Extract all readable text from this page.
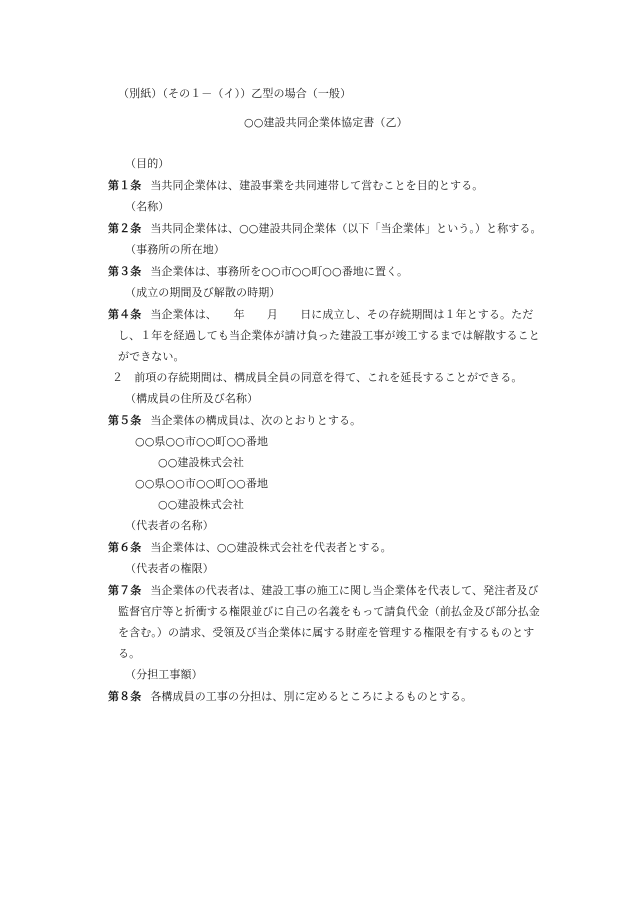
（別紙）（その１－（イ））乙型の場合（一般）
○○建設共同企業体協定書（乙）
（目的）
第１条 当共同企業体は、建設事業を共同連帯して営むことを目的とする。
（名称）
第２条 当共同企業体は、○○建設共同企業体（以下「当企業体」という。）と称する。
（事務所の所在地）
第３条 当企業体は、事務所を○○市○○町○○番地に置く。
（成立の期間及び解散の時期）
第４条 当企業体は、　　年　　月　　日に成立し、その存続期間は１年とする。ただ
し、１年を経過しても当企業体が請け負った建設工事が竣工するまでは解散すること
ができない。
２　前項の存続期間は、構成員全員の同意を得て、これを延長することができる。
（構成員の住所及び名称）
第５条 当企業体の構成員は、次のとおりとする。
○○県○○市○○町○○番地
○○建設株式会社
○○県○○市○○町○○番地
○○建設株式会社
（代表者の名称）
第６条 当企業体は、○○建設株式会社を代表者とする。
（代表者の権限）
第７条 当企業体の代表者は、建設工事の施工に関し当企業体を代表して、発注者及び
監督官庁等と折衝する権限並びに自己の名義をもって請負代金（前払金及び部分払金
を含む。）の請求、受領及び当企業体に属する財産を管理する権限を有するものとす
る。
（分担工事額）
第８条 各構成員の工事の分担は、別に定めるところによるものとする。
